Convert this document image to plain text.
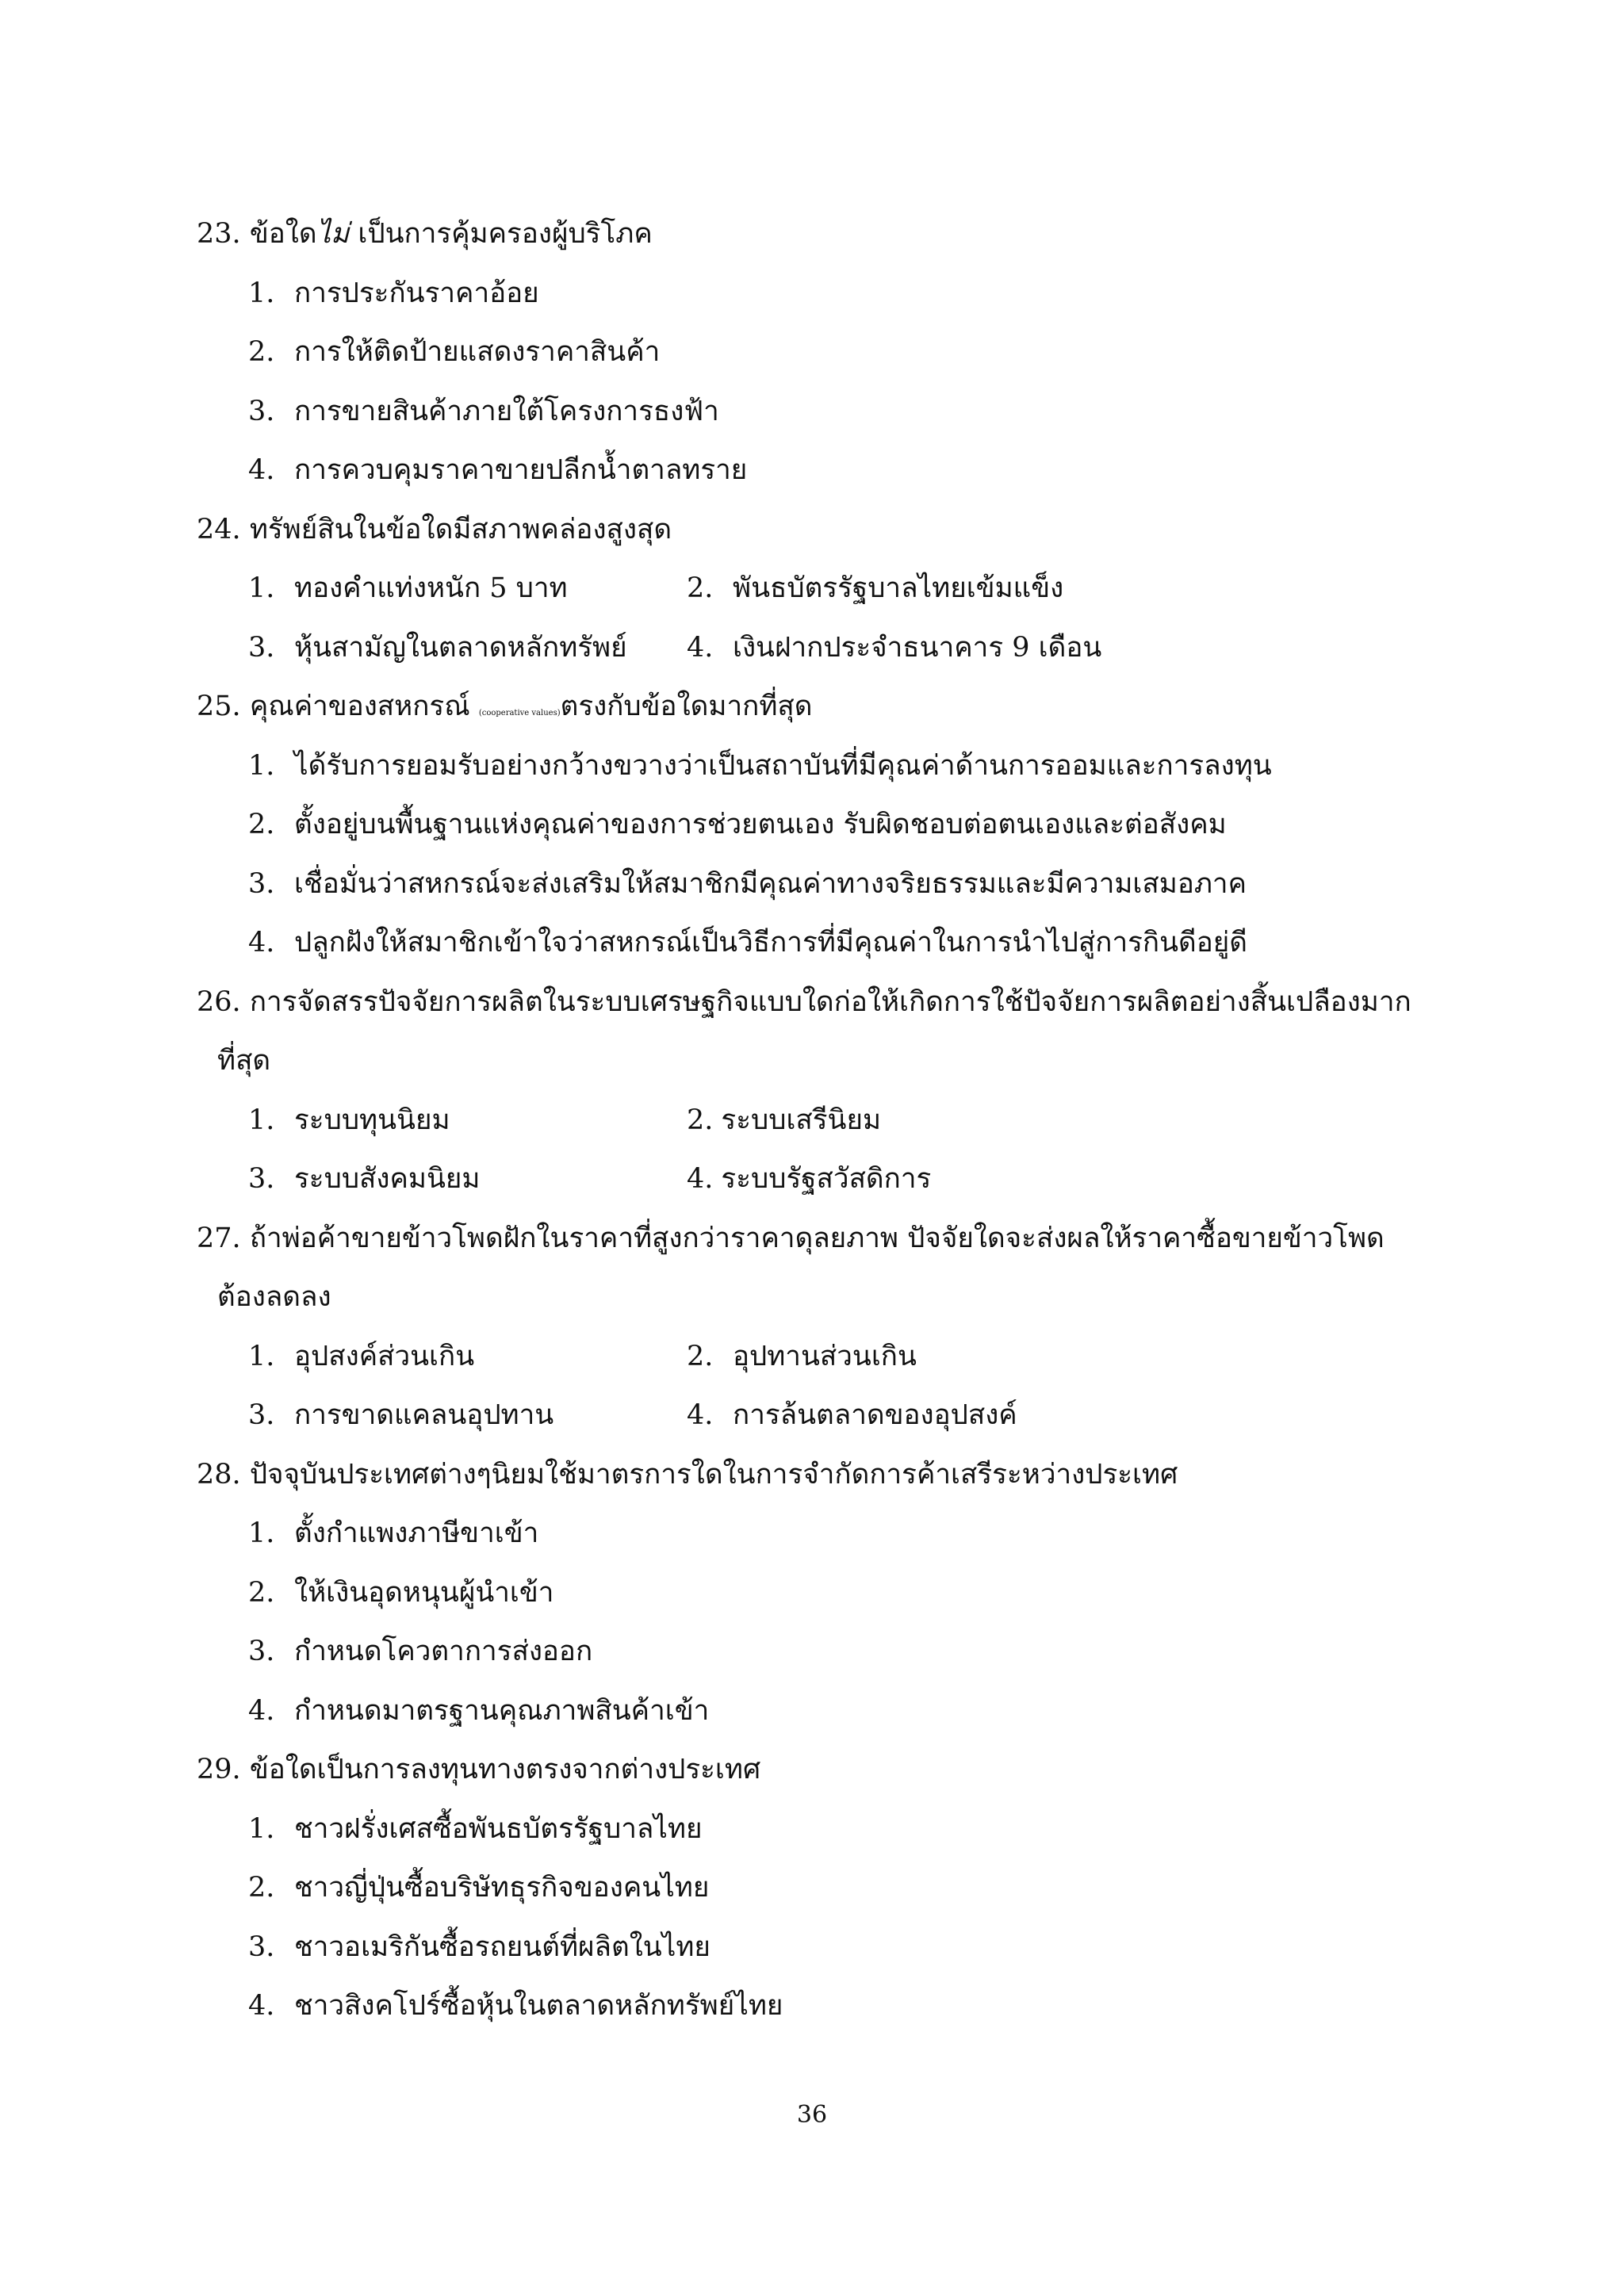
23. ข้อใดไม่ เป็นการคุ้มครองผู้บริโภค
1. การประกันราคาอ้อย
2. การให้ติดป้ายแสดงราคาสินค้า
3. การขายสินค้าภายใต้โครงการธงฟ้า
4. การควบคุมราคาขายปลีกน้ำตาลทราย
24. ทรัพย์สินในข้อใดมีสภาพคล่องสูงสุด
1. ทองคำแท่งหนัก 5 บาท	2. พันธบัตรรัฐบาลไทยเข้มแข็ง
3. หุ้นสามัญในตลาดหลักทรัพย์ 4. เงินฝากประจำธนาคาร 9 เดือน
25. คุณค่าของสหกรณ์ (cooperative values)ตรงกับข้อใดมากที่สุด
1. ได้รับการยอมรับอย่างกว้างขวางว่าเป็นสถาบันที่มีคุณค่าด้านการออมและการลงทุน
2. ตั้งอยู่บนพื้นฐานแห่งคุณค่าของการช่วยตนเอง รับผิดชอบต่อตนเองและต่อสังคม
3. เชื่อมั่นว่าสหกรณ์จะส่งเสริมให้สมาชิกมีคุณค่าทางจริยธรรมและมีความเสมอภาค
4. ปลูกฝังให้สมาชิกเข้าใจว่าสหกรณ์เป็นวิธีการที่มีคุณค่าในการนำไปสู่การกินดีอยู่ดี
26. การจัดสรรปัจจัยการผลิตในระบบเศรษฐกิจแบบใดก่อให้เกิดการใช้ปัจจัยการผลิตอย่างสิ้นเปลืองมาก
ที่สุด
1. ระบบทุนนิยม	2. ระบบเสรีนิยม
3. ระบบสังคมนิยม	4. ระบบรัฐสวัสดิการ
27. ถ้าพ่อค้าขายข้าวโพดฝักในราคาที่สูงกว่าราคาดุลยภาพ ปัจจัยใดจะส่งผลให้ราคาซื้อขายข้าวโพด
ต้องลดลง
1. อุปสงค์ส่วนเกิน	2. อุปทานส่วนเกิน
3. การขาดแคลนอุปทาน	4. การล้นตลาดของอุปสงค์
28. ปัจจุบันประเทศต่างๆนิยมใช้มาตรการใดในการจำกัดการค้าเสรีระหว่างประเทศ
1. ตั้งกำแพงภาษีขาเข้า
2. ให้เงินอุดหนุนผู้นำเข้า
3. กำหนดโควตาการส่งออก
4. กำหนดมาตรฐานคุณภาพสินค้าเข้า
29. ข้อใดเป็นการลงทุนทางตรงจากต่างประเทศ
1. ชาวฝรั่งเศสซื้อพันธบัตรรัฐบาลไทย
2. ชาวญี่ปุ่นซื้อบริษัทธุรกิจของคนไทย
3. ชาวอเมริกันซื้อรถยนต์ที่ผลิตในไทย
4. ชาวสิงคโปร์ซื้อหุ้นในตลาดหลักทรัพย์ไทย
36
